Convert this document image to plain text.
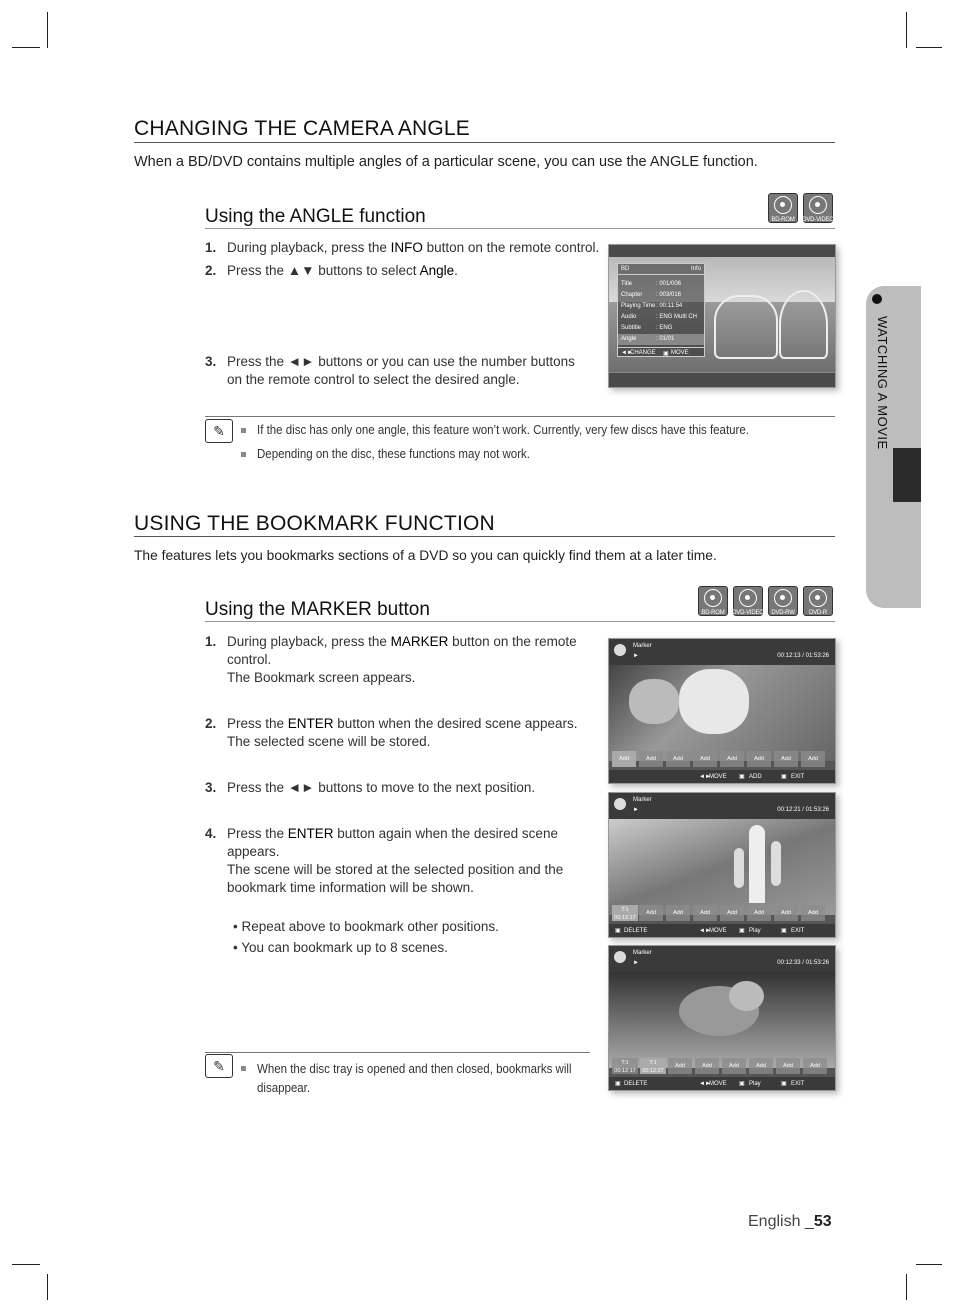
CHANGING THE CAMERA ANGLE
When a BD/DVD contains multiple angles of a particular scene, you can use the ANGLE function.
Using the ANGLE function	BD-ROM	DVD-VIDEO
1. During playback, press the INFO button on the remote control.
2. Press the ▲▼ buttons to select Angle.
3. Press the ◄► buttons or you can use the number buttons
on the remote control to select the desired angle.
BD	Info
Title	: 001/006
Chapter : 003/016
Playing Time : 00:11:54
Audio	: ENG Multi CH
Subtitle : ENG
Angle	: 01/01
◄►
CHANGE ▣ MOVE
✎	If the disc has only one angle, this feature won’t work. Currently, very few discs have this feature.
Depending on the disc, these functions may not work.
USING THE BOOKMARK FUNCTION
The features lets you bookmarks sections of a DVD so you can quickly find them at a later time.
Using the MARKER button	BD-ROM	DVD-VIDEO	DVD-RW	DVD-R
1. During playback, press the MARKER button on the remote
control.
The Bookmark screen appears.
2. Press the ENTER button when the desired scene appears.
The selected scene will be stored.
3. Press the ◄► buttons to move to the next position.
4. Press the ENTER button again when the desired scene
appears.
The scene will be stored at the selected position and the
bookmark time information will be shown.
• Repeat above to bookmark other positions.
• You can bookmark up to 8 scenes.
✎	When the disc tray is opened and then closed, bookmarks will
disappear.
Marker
►	00:12:13 / 01:53:26
Add	Add	Add	Add	Add	Add	Add	Add
◄►
MOVE ▣ ADD	▣ EXIT
Marker
►	00:12:21 / 01:53:26
T:1 00:12:17
Add	Add	Add	Add	Add	Add	Add
▣ DELETE	◄►
MOVE ▣ Play	▣ EXIT
Marker
►	00:12:33 / 01:53:26
T:1 00:12:17
T:1 00:12:27
Add	Add	Add	Add	Add	Add
▣ DELETE	◄►
MOVE ▣ Play	▣ EXIT
WATCHING A MOVIE
English _53
